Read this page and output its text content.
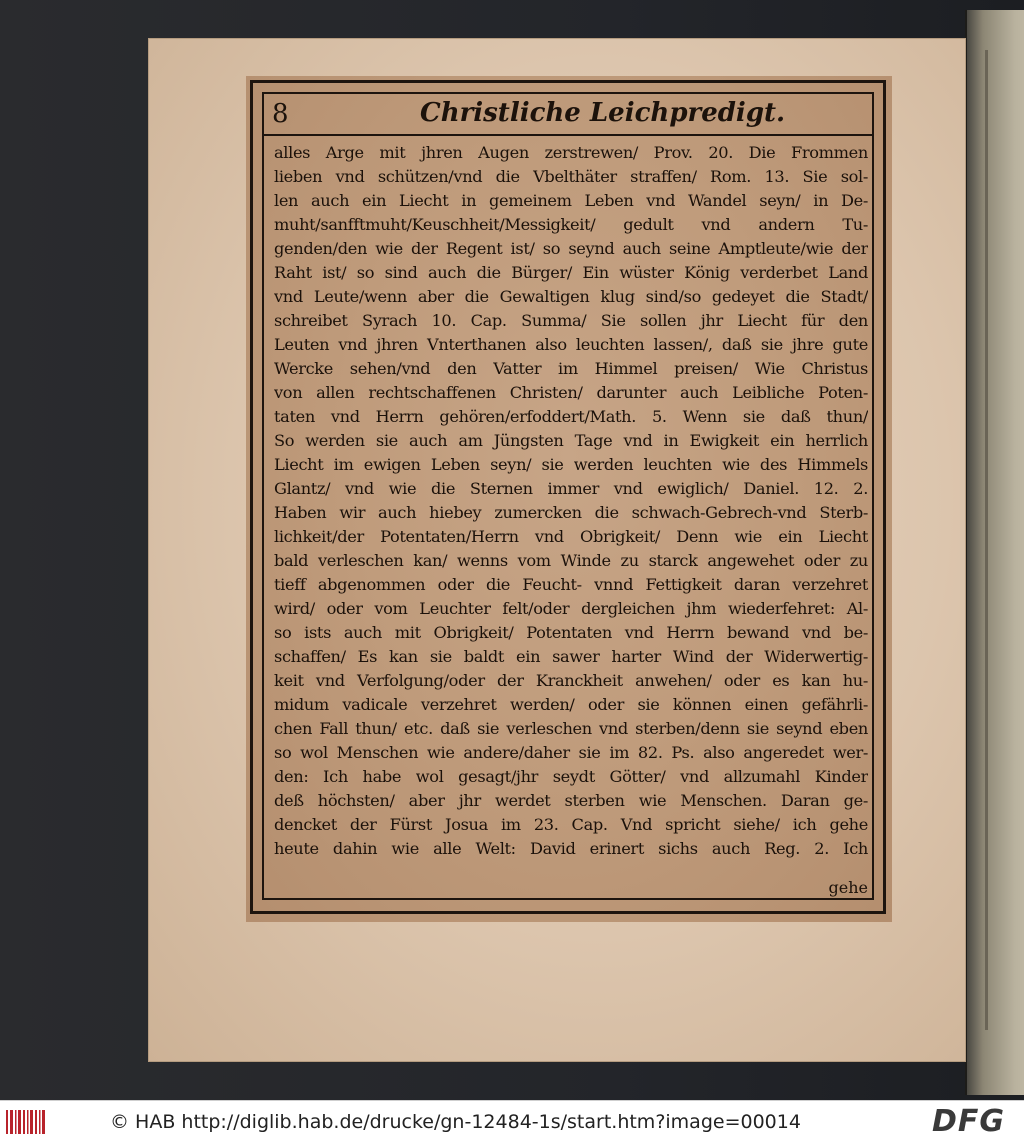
8	Christliche Leichpredigt.
alles Arge mit jhren Augen zerstrewen/ Prov. 20. Die Frommen
lieben vnd schützen/vnd die Vbelthäter straffen/ Rom. 13. Sie sol-
len auch ein Liecht in gemeinem Leben vnd Wandel seyn/ in De-
muht/sanfftmuht/Keuschheit/Messigkeit/ gedult vnd andern Tu-
genden/den wie der Regent ist/ so seynd auch seine Amptleute/wie der
Raht ist/ so sind auch die Bürger/ Ein wüster König verderbet Land
vnd Leute/wenn aber die Gewaltigen klug sind/so gedeyet die Stadt/
schreibet Syrach 10. Cap. Summa/ Sie sollen jhr Liecht für den
Leuten vnd jhren Vnterthanen also leuchten lassen/, daß sie jhre gute
Wercke sehen/vnd den Vatter im Himmel preisen/ Wie Christus
von allen rechtschaffenen Christen/ darunter auch Leibliche Poten-
taten vnd Herrn gehören/erfoddert/Math. 5. Wenn sie daß thun/
So werden sie auch am Jüngsten Tage vnd in Ewigkeit ein herrlich
Liecht im ewigen Leben seyn/ sie werden leuchten wie des Himmels
Glantz/ vnd wie die Sternen immer vnd ewiglich/ Daniel. 12. 2.
Haben wir auch hiebey zumercken die schwach-Gebrech-vnd Sterb-
lichkeit/der Potentaten/Herrn vnd Obrigkeit/ Denn wie ein Liecht
bald verleschen kan/ wenns vom Winde zu starck angewehet oder zu
tieff abgenommen oder die Feucht- vnnd Fettigkeit daran verzehret
wird/ oder vom Leuchter felt/oder dergleichen jhm wiederfehret: Al-
so ists auch mit Obrigkeit/ Potentaten vnd Herrn bewand vnd be-
schaffen/ Es kan sie baldt ein sawer harter Wind der Widerwertig-
keit vnd Verfolgung/oder der Kranckheit anwehen/ oder es kan hu-
midum vadicale verzehret werden/ oder sie können einen gefährli-
chen Fall thun/ etc. daß sie verleschen vnd sterben/denn sie seynd eben
so wol Menschen wie andere/daher sie im 82. Ps. also angeredet wer-
den: Ich habe wol gesagt/jhr seydt Götter/ vnd allzumahl Kinder
deß höchsten/ aber jhr werdet sterben wie Menschen. Daran ge-
dencket der Fürst Josua im 23. Cap. Vnd spricht siehe/ ich gehe
heute dahin wie alle Welt: David erinert sichs auch Reg. 2. Ich
gehe
© HAB http://diglib.hab.de/drucke/gn-12484-1s/start.htm?image=00014	DFG
